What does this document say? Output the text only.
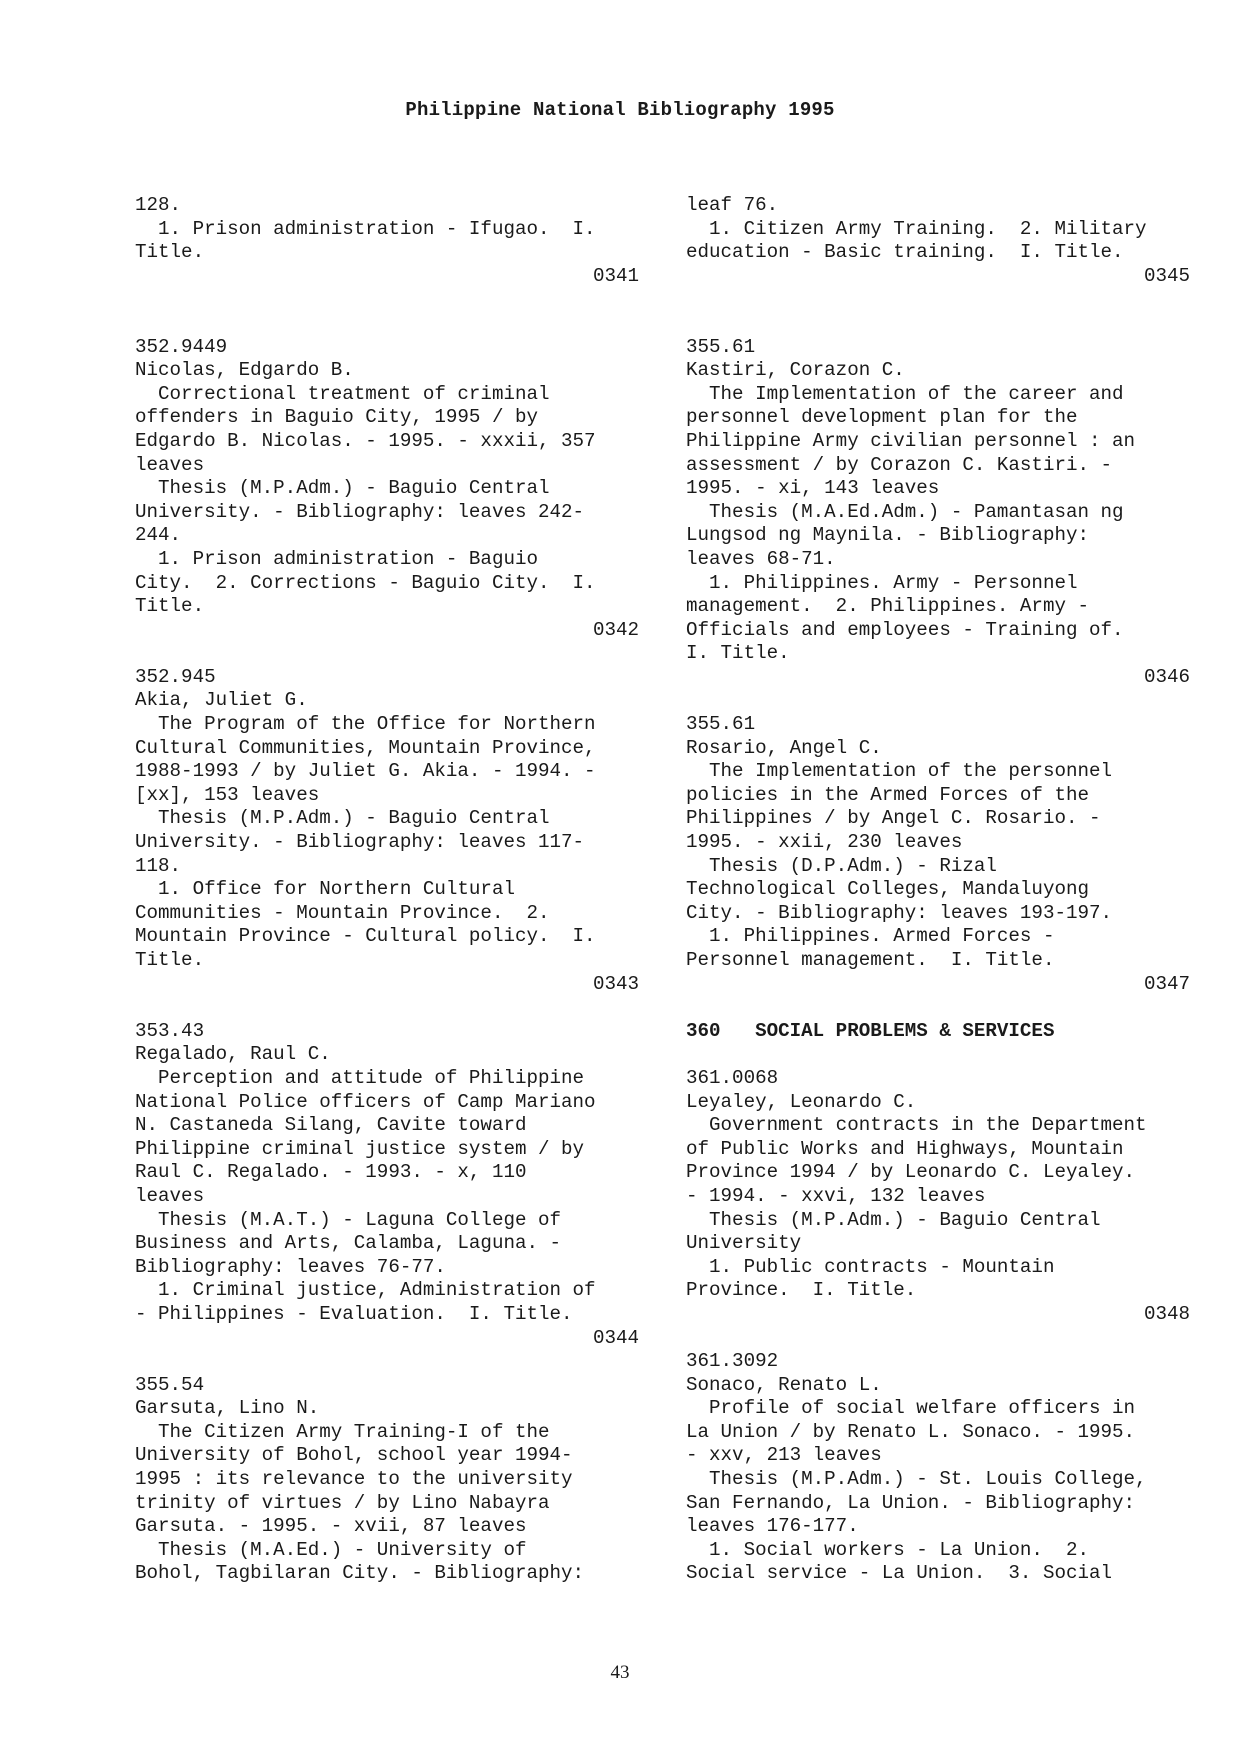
Philippine National Bibliography 1995
128.
1. Prison administration - Ifugao.  I.
Title.
0341
352.9449
Nicolas, Edgardo B.
Correctional treatment of criminal
offenders in Baguio City, 1995 / by
Edgardo B. Nicolas. - 1995. - xxxii, 357
leaves
Thesis (M.P.Adm.) - Baguio Central
University. - Bibliography: leaves 242-
244.
1. Prison administration - Baguio
City.  2. Corrections - Baguio City.  I.
Title.
0342
352.945
Akia, Juliet G.
The Program of the Office for Northern
Cultural Communities, Mountain Province,
1988-1993 / by Juliet G. Akia. - 1994. -
[xx], 153 leaves
Thesis (M.P.Adm.) - Baguio Central
University. - Bibliography: leaves 117-
118.
1. Office for Northern Cultural
Communities - Mountain Province.  2.
Mountain Province - Cultural policy.  I.
Title.
0343
353.43
Regalado, Raul C.
Perception and attitude of Philippine
National Police officers of Camp Mariano
N. Castaneda Silang, Cavite toward
Philippine criminal justice system / by
Raul C. Regalado. - 1993. - x, 110
leaves
Thesis (M.A.T.) - Laguna College of
Business and Arts, Calamba, Laguna. -
Bibliography: leaves 76-77.
1. Criminal justice, Administration of
- Philippines - Evaluation.  I. Title.
0344
355.54
Garsuta, Lino N.
The Citizen Army Training-I of the
University of Bohol, school year 1994-
1995 : its relevance to the university
trinity of virtues / by Lino Nabayra
Garsuta. - 1995. - xvii, 87 leaves
Thesis (M.A.Ed.) - University of
Bohol, Tagbilaran City. - Bibliography:
leaf 76.
1. Citizen Army Training.  2. Military
education - Basic training.  I. Title.
0345
355.61
Kastiri, Corazon C.
The Implementation of the career and
personnel development plan for the
Philippine Army civilian personnel : an
assessment / by Corazon C. Kastiri. -
1995. - xi, 143 leaves
Thesis (M.A.Ed.Adm.) - Pamantasan ng
Lungsod ng Maynila. - Bibliography:
leaves 68-71.
1. Philippines. Army - Personnel
management.  2. Philippines. Army -
Officials and employees - Training of.
I. Title.
0346
355.61
Rosario, Angel C.
The Implementation of the personnel
policies in the Armed Forces of the
Philippines / by Angel C. Rosario. -
1995. - xxii, 230 leaves
Thesis (D.P.Adm.) - Rizal
Technological Colleges, Mandaluyong
City. - Bibliography: leaves 193-197.
1. Philippines. Armed Forces -
Personnel management.  I. Title.
0347
360   SOCIAL PROBLEMS & SERVICES
361.0068
Leyaley, Leonardo C.
Government contracts in the Department
of Public Works and Highways, Mountain
Province 1994 / by Leonardo C. Leyaley.
- 1994. - xxvi, 132 leaves
Thesis (M.P.Adm.) - Baguio Central
University
1. Public contracts - Mountain
Province.  I. Title.
0348
361.3092
Sonaco, Renato L.
Profile of social welfare officers in
La Union / by Renato L. Sonaco. - 1995.
- xxv, 213 leaves
Thesis (M.P.Adm.) - St. Louis College,
San Fernando, La Union. - Bibliography:
leaves 176-177.
1. Social workers - La Union.  2.
Social service - La Union.  3. Social
43
